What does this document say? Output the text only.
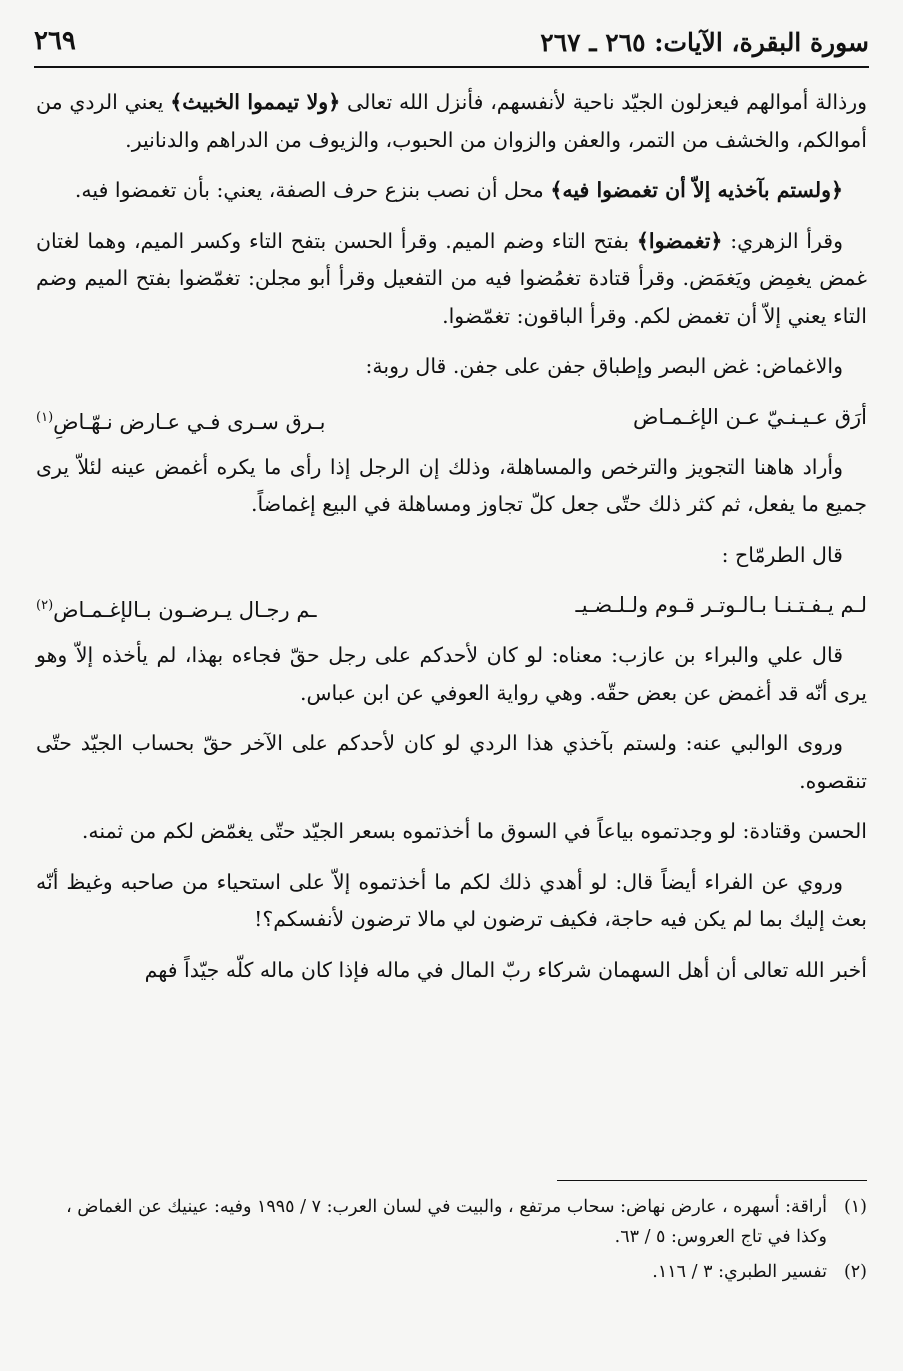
سورة البقرة، الآيات: ٢٦٥ ـ ٢٦٧
٢٦٩

ورذالة أموالهم فيعزلون الجيّد ناحية لأنفسهم، فأنزل الله تعالى ﴿ولا تيمموا الخبيث﴾ يعني الردي من أموالكم، والخشف من التمر، والعفن والزوان من الحبوب، والزيوف من الدراهم والدنانير.

﴿ولستم بآخذيه إلاّ أن تغمضوا فيه﴾ محل أن نصب بنزع حرف الصفة، يعني: بأن تغمضوا فيه.

وقرأ الزهري: ﴿تغمضوا﴾ بفتح التاء وضم الميم. وقرأ الحسن بتفح التاء وكسر الميم، وهما لغتان غمض يغمِض ويَغمَض. وقرأ قتادة تغمُضوا فيه من التفعيل وقرأ أبو مجلن: تغمّضوا بفتح الميم وضم التاء يعني إلاّ أن تغمض لكم. وقرأ الباقون: تغمّضوا.

والاغماض: غض البصر وإطباق جفن على جفن. قال روبة:

أرَق عـيـنـيّ عـن الإغـمـاض
بـرق سـرى فـي عـارض نـهّـاضِ$^{(١)}$

وأراد هاهنا التجويز والترخص والمساهلة، وذلك إن الرجل إذا رأى ما يكره أغمض عينه لئلاّ يرى جميع ما يفعل، ثم كثر ذلك حتّى جعل كلّ تجاوز ومساهلة في البيع إغماضاً.

قال الطرمّاح :

لـم يـفـتـنـا بـالـوتـر قـوم ولـلـضـيـ
ـم رجـال يـرضـون بـالإغـمـاض$^{(٢)}$

قال علي والبراء بن عازب: معناه: لو كان لأحدكم على رجل حقّ فجاءه بهذا، لم يأخذه إلاّ وهو يرى أنّه قد أغمض عن بعض حقّه. وهي رواية العوفي عن ابن عباس.

وروى الوالبي عنه: ولستم بآخذي هذا الردي لو كان لأحدكم على الآخر حقّ بحساب الجيّد حتّى تنقصوه.

الحسن وقتادة: لو وجدتموه بياعاً في السوق ما أخذتموه بسعر الجيّد حتّى يغمّض لكم من ثمنه.

وروي عن الفراء أيضاً قال: لو أهدي ذلك لكم ما أخذتموه إلاّ على استحياء من صاحبه وغيظ أنّه بعث إليك بما لم يكن فيه حاجة، فكيف ترضون لي مالا ترضون لأنفسكم؟!

أخبر الله تعالى أن أهل السهمان شركاء ربّ المال في ماله فإذا كان ماله كلّه جيّداً فهم

(١)
أراقة: أسهره ، عارض نهاض: سحاب مرتفع ، والبيت في لسان العرب: ٧ / ١٩٩٥ وفيه: عينيك عن الغماض ، وكذا في تاج العروس: ٥ / ٦٣.
(٢)
تفسير الطبري: ٣ / ١١٦.
